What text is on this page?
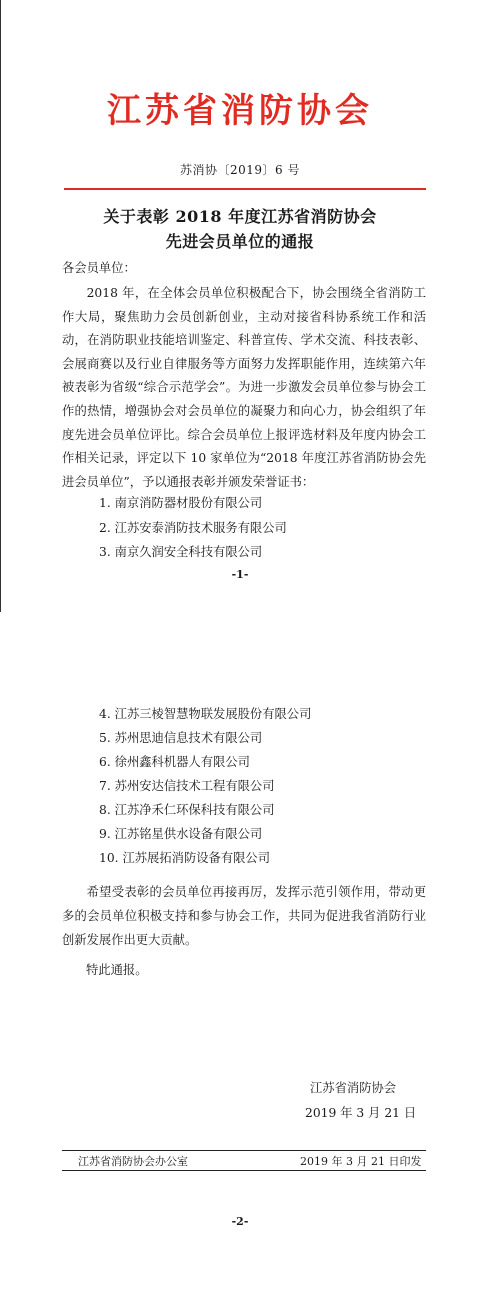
江苏省消防协会
苏消协〔2019〕6 号
关于表彰 2018 年度江苏省消防协会
先进会员单位的通报
各会员单位：

2018 年，在全体会员单位积极配合下，协会围绕全省消防工作大局，聚焦助力会员创新创业，主动对接省科协系统工作和活动，在消防职业技能培训鉴定、科普宣传、学术交流、科技表彰、会展商赛以及行业自律服务等方面努力发挥职能作用，连续第六年被表彰为省级“综合示范学会”。为进一步激发会员单位参与协会工作的热情，增强协会对会员单位的凝聚力和向心力，协会组织了年度先进会员单位评比。综合会员单位上报评选材料及年度内协会工作相关记录，评定以下 10 家单位为“2018 年度江苏省消防协会先进会员单位”，予以通报表彰并颁发荣誉证书：

1. 南京消防器材股份有限公司
2. 江苏安泰消防技术服务有限公司
3. 南京久润安全科技有限公司
-1-
4. 江苏三棱智慧物联发展股份有限公司
5. 苏州思迪信息技术有限公司
6. 徐州鑫科机器人有限公司
7. 苏州安达信技术工程有限公司
8. 江苏净禾仁环保科技有限公司
9. 江苏铭星供水设备有限公司
10. 江苏展拓消防设备有限公司

希望受表彰的会员单位再接再厉，发挥示范引领作用，带动更多的会员单位积极支持和参与协会工作，共同为促进我省消防行业创新发展作出更大贡献。

特此通报。
江苏省消防协会
2019 年 3 月 21 日
江苏省消防协会办公室	2019 年 3 月 21 日印发
-2-
